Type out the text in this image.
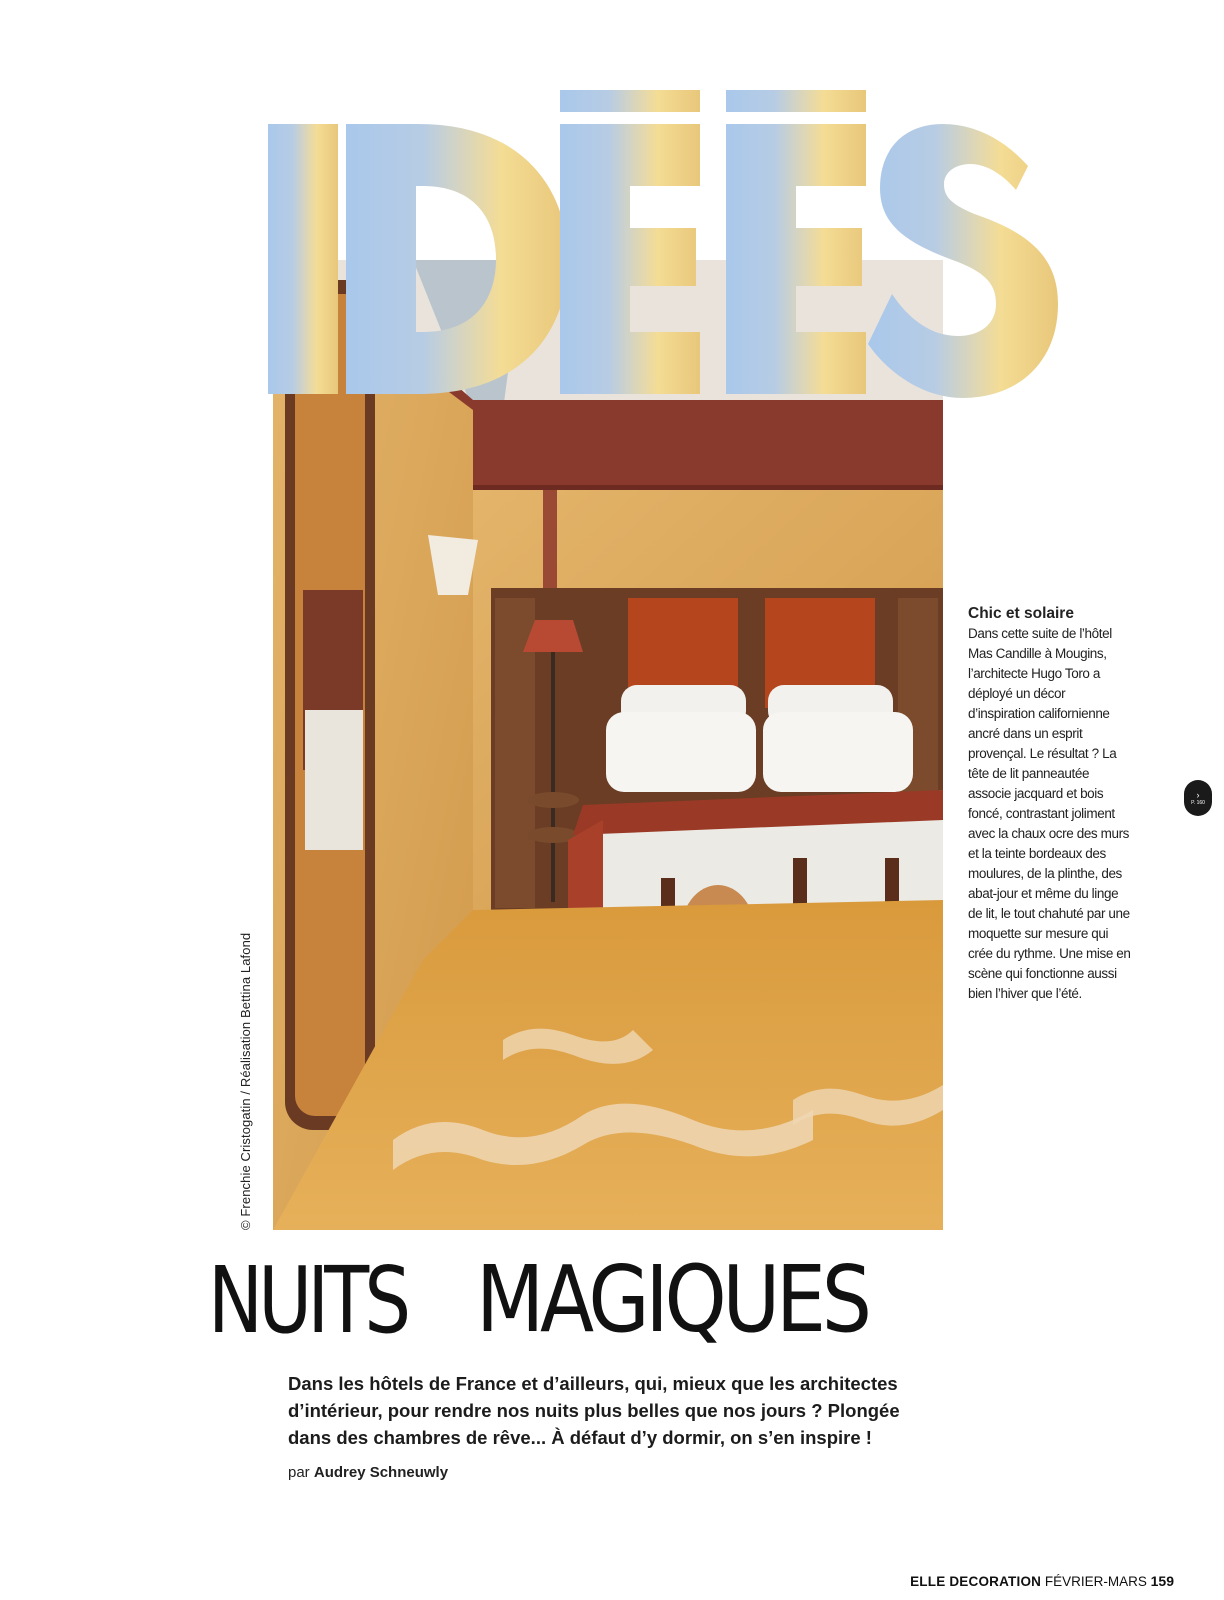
© Frenchie Cristogatin / Réalisation Bettina Lafond
Chic et solaire
Dans cette suite de l’hôtel Mas Candille à Mougins, l’architecte Hugo Toro a déployé un décor d’inspiration californienne ancré dans un esprit provençal. Le résultat ? La tête de lit panneautée associe jacquard et bois foncé, contrastant joliment avec la chaux ocre des murs et la teinte bordeaux des moulures, de la plinthe, des abat-jour et même du linge de lit, le tout chahuté par une moquette sur mesure qui crée du rythme. Une mise en scène qui fonctionne aussi bien l’hiver que l’été.
›
P. 160
NUITS MAGIQUES
Dans les hôtels de France et d’ailleurs, qui, mieux que les architectes d’intérieur, pour rendre nos nuits plus belles que nos jours ? Plongée dans des chambres de rêve... À défaut d’y dormir, on s’en inspire !
par Audrey Schneuwly
ELLE DECORATION FÉVRIER-MARS 159
